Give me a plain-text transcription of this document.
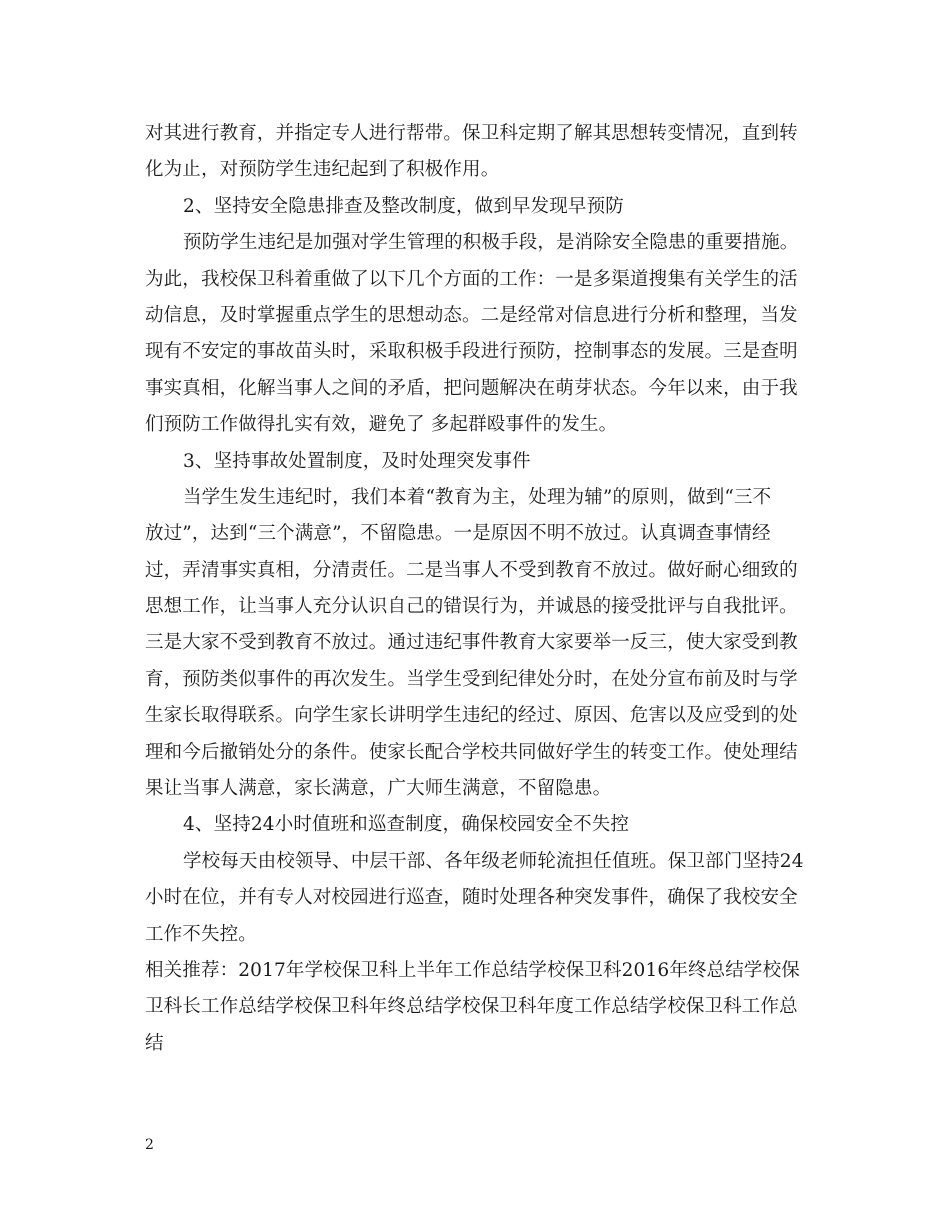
对其进行教育，并指定专人进行帮带。保卫科定期了解其思想转变情况，直到转
化为止，对预防学生违纪起到了积极作用。
2、坚持安全隐患排查及整改制度，做到早发现早预防
预防学生违纪是加强对学生管理的积极手段，是消除安全隐患的重要措施。
为此，我校保卫科着重做了以下几个方面的工作：一是多渠道搜集有关学生的活
动信息，及时掌握重点学生的思想动态。二是经常对信息进行分析和整理，当发
现有不安定的事故苗头时，采取积极手段进行预防，控制事态的发展。三是查明
事实真相，化解当事人之间的矛盾，把问题解决在萌芽状态。今年以来，由于我
们预防工作做得扎实有效，避免了 多起群殴事件的发生。
3、坚持事故处置制度，及时处理突发事件
当学生发生违纪时，我们本着“教育为主，处理为辅”的原则，做到“三不
放过”，达到“三个满意”，不留隐患。一是原因不明不放过。认真调查事情经
过，弄清事实真相，分清责任。二是当事人不受到教育不放过。做好耐心细致的
思想工作，让当事人充分认识自己的错误行为，并诚恳的接受批评与自我批评。
三是大家不受到教育不放过。通过违纪事件教育大家要举一反三，使大家受到教
育，预防类似事件的再次发生。当学生受到纪律处分时，在处分宣布前及时与学
生家长取得联系。向学生家长讲明学生违纪的经过、原因、危害以及应受到的处
理和今后撤销处分的条件。使家长配合学校共同做好学生的转变工作。使处理结
果让当事人满意，家长满意，广大师生满意，不留隐患。
4、坚持24小时值班和巡查制度，确保校园安全不失控
学校每天由校领导、中层干部、各年级老师轮流担任值班。保卫部门坚持24
小时在位，并有专人对校园进行巡查，随时处理各种突发事件，确保了我校安全
工作不失控。
相关推荐：2017年学校保卫科上半年工作总结学校保卫科2016年终总结学校保
卫科长工作总结学校保卫科年终总结学校保卫科年度工作总结学校保卫科工作总
结
2
